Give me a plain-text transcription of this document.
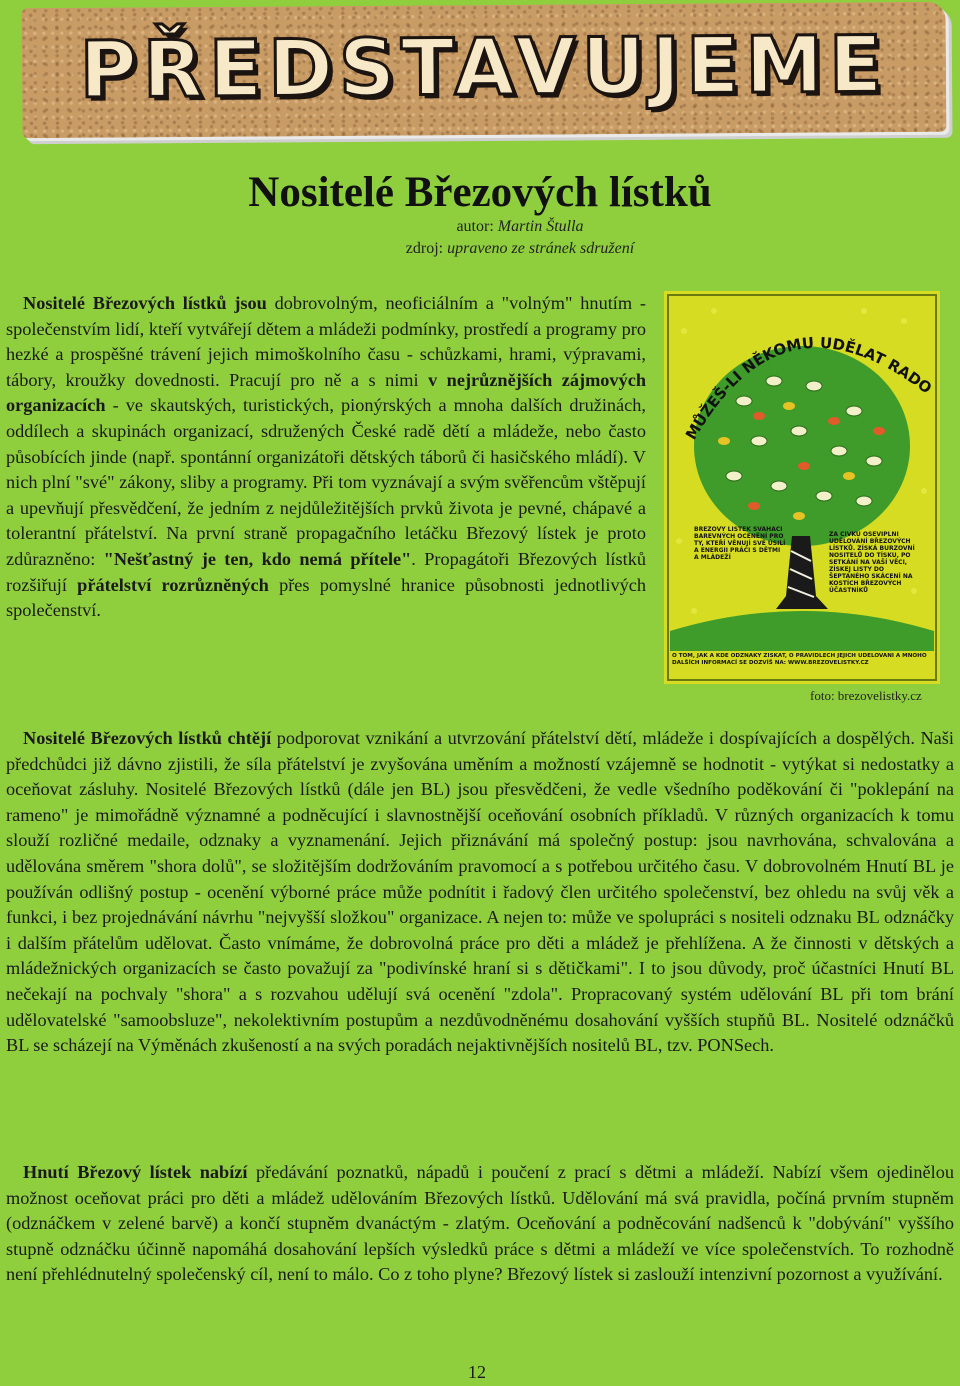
PŘEDSTAVUJEME
Nositelé Březových lístků
autor: Martin Štulla
zdroj: upraveno ze stránek sdružení

Nositelé Březových lístků jsou dobrovolným, neoficiálním a "volným" hnutím - společenstvím lidí, kteří vytvářejí dětem a mládeži podmínky, prostředí a programy pro hezké a prospěšné trávení jejich mimoškolního času - schůzkami, hrami, výpravami, tábory, kroužky dovednosti. Pracují pro ně a s nimi v nejrůznějších zájmových organizacích - ve skautských, turistických, pionýrských a mnoha dalších družinách, oddílech a skupinách organizací, sdružených České radě dětí a mládeže, nebo často působících jinde (např. spontánní organizátoři dětských táborů či hasičského mládí). V nich plní "své" zákony, sliby a programy. Při tom vyznávají a svým svěřencům vštěpují a upevňují přesvědčení, že jedním z nejdůležitějších prvků života je pevné, chápavé a tolerantní přátelství. Na první straně propagačního letáčku Březový lístek je proto zdůrazněno: "Nešťastný je ten, kdo nemá přítele". Propagátoři Březových lístků rozšiřují přátelství rozrůzněných přes pomyslné hranice působnosti jednotlivých společenství.

MŮŽEŠ-LI NĚKOMU UDĚLAT RADO
BŘEZOVÝ LÍSTEK SVAHACÍ BAREVNÝCH OCENĚNÍ PRO TY, KTEŘÍ VĚNUJÍ SVÉ ÚSILÍ A ENERGII PRÁCI S DĚTMI A MLÁDEŽÍ
ZA CÍVKU OSEVIPLNÍ UDĚLOVÁNÍ BŘEZOVÝCH LÍSTKŮ. ZÍSKÁ BURZOVNÍ NOSITELŮ DO TÍSKU, PO SETKÁNÍ NA VAŠÍ VĚCI, ZÍSKEJ LISTY DO ŠEPTANÉHO SKÁCENÍ NA KOSTÍCH BŘEZOVÝCH ÚČASTNÍKŮ
O TOM, JAK A KDE ODZNAKY ZÍSKAT, O PRAVIDLECH JEJICH UDĚLOVÁNÍ A MNOHO DALŠÍCH INFORMACÍ SE DOZVÍŠ NA: WWW.BREZOVELISTKY.CZ
foto: brezovelistky.cz

Nositelé Březových lístků chtějí podporovat vznikání a utvrzování přátelství dětí, mládeže i dospívajících a dospělých. Naši předchůdci již dávno zjistili, že síla přátelství je zvyšována uměním a možností vzájemně se hodnotit - vytýkat si nedostatky a oceňovat zásluhy. Nositelé Březových lístků (dále jen BL) jsou přesvědčeni, že vedle všedního poděkování či "poklepání na rameno" je mimořádně významné a podněcující i slavnostnější oceňování osobních příkladů. V různých organizacích k tomu slouží rozličné medaile, odznaky a vyznamenání. Jejich přiznávání má společný postup: jsou navrhována, schvalována a udělována směrem "shora dolů", se složitějším dodržováním pravomocí a s potřebou určitého času. V dobrovolném Hnutí BL je používán odlišný postup - ocenění výborné práce může podnítit i řadový člen určitého společenství, bez ohledu na svůj věk a funkci, i bez projednávání návrhu "nejvyšší složkou" organizace. A nejen to: může ve spolupráci s nositeli odznaku BL odznáčky i dalším přátelům udělovat. Často vnímáme, že dobrovolná práce pro děti a mládež je přehlížena. A že činnosti v dětských a mládežnických organizacích se často považují za "podivínské hraní si s dětičkami". I to jsou důvody, proč účastníci Hnutí BL nečekají na pochvaly "shora" a s rozvahou udělují svá ocenění "zdola". Propracovaný systém udělování BL při tom brání udělovatelské "samoobsluze", nekolektivním postupům a nezdůvodněnému dosahování vyšších stupňů BL. Nositelé odznáčků BL se scházejí na Výměnách zkušeností a na svých poradách nejaktivnějších nositelů BL, tzv. PONSech.

Hnutí Březový lístek nabízí předávání poznatků, nápadů i poučení z prací s dětmi a mládeží. Nabízí všem ojedinělou možnost oceňovat práci pro děti a mládež udělováním Březových lístků. Udělování má svá pravidla, počíná prvním stupněm (odznáčkem v zelené barvě) a končí stupněm dvanáctým - zlatým. Oceňování a podněcování nadšenců k "dobývání" vyššího stupně odznáčku účinně napomáhá dosahování lepších výsledků práce s dětmi a mládeží ve více společenstvích. To rozhodně není přehlédnutelný společenský cíl, není to málo. Co z toho plyne? Březový lístek si zaslouží intenzivní pozornost a využívání.

12
